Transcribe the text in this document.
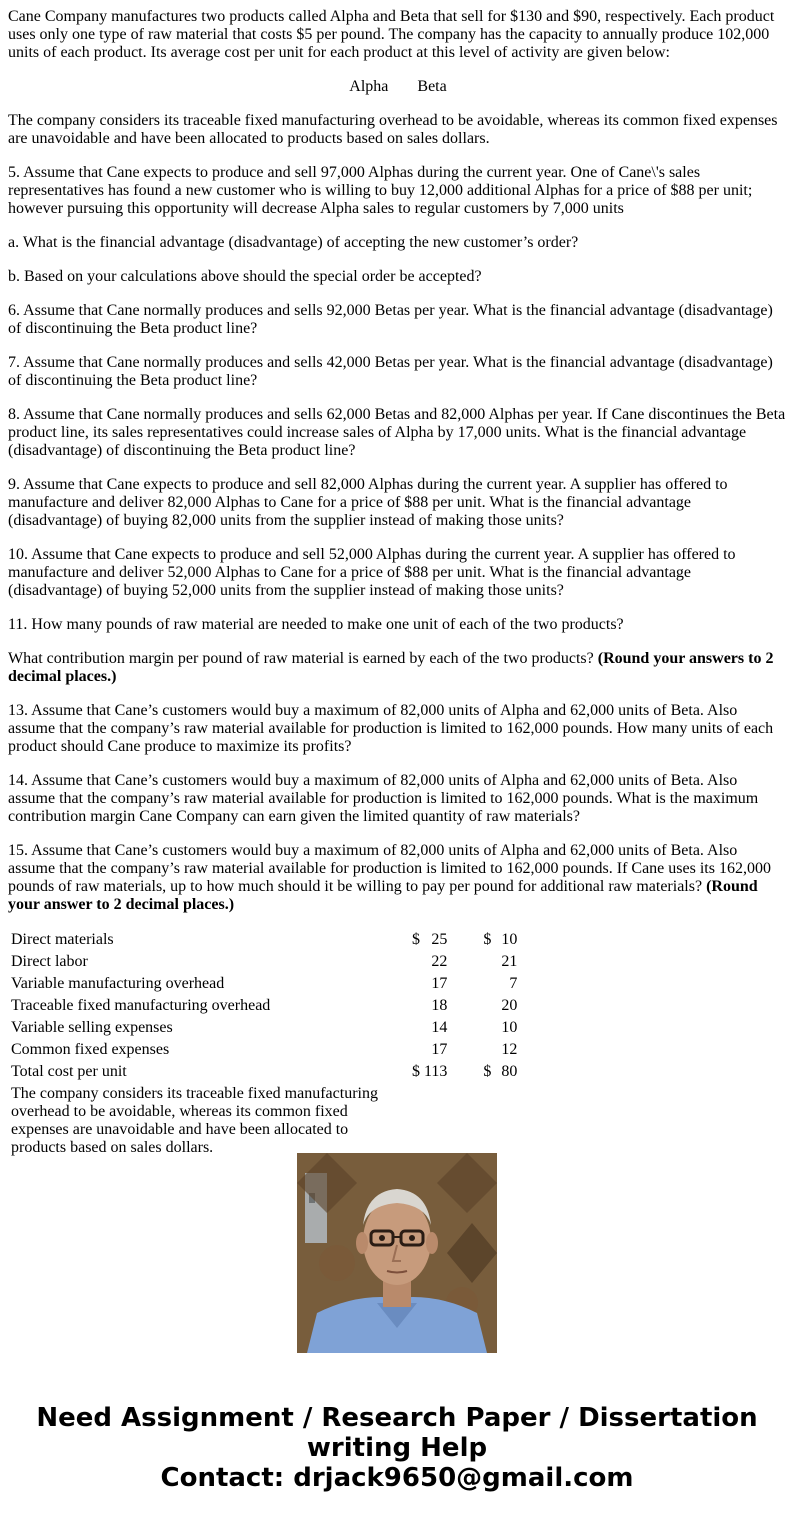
Cane Company manufactures two products called Alpha and Beta that sell for $130 and $90, respectively. Each product uses only one type of raw material that costs $5 per pound. The company has the capacity to annually produce 102,000 units of each product. Its average cost per unit for each product at this level of activity are given below:

Alpha Beta

The company considers its traceable fixed manufacturing overhead to be avoidable, whereas its common fixed expenses are unavoidable and have been allocated to products based on sales dollars.

5. Assume that Cane expects to produce and sell 97,000 Alphas during the current year. One of Cane\'s sales representatives has found a new customer who is willing to buy 12,000 additional Alphas for a price of $88 per unit; however pursuing this opportunity will decrease Alpha sales to regular customers by 7,000 units

a. What is the financial advantage (disadvantage) of accepting the new customer’s order?

b. Based on your calculations above should the special order be accepted?

6. Assume that Cane normally produces and sells 92,000 Betas per year. What is the financial advantage (disadvantage) of discontinuing the Beta product line?

7. Assume that Cane normally produces and sells 42,000 Betas per year. What is the financial advantage (disadvantage) of discontinuing the Beta product line?

8. Assume that Cane normally produces and sells 62,000 Betas and 82,000 Alphas per year. If Cane discontinues the Beta product line, its sales representatives could increase sales of Alpha by 17,000 units. What is the financial advantage (disadvantage) of discontinuing the Beta product line?

9. Assume that Cane expects to produce and sell 82,000 Alphas during the current year. A supplier has offered to manufacture and deliver 82,000 Alphas to Cane for a price of $88 per unit. What is the financial advantage (disadvantage) of buying 82,000 units from the supplier instead of making those units?

10. Assume that Cane expects to produce and sell 52,000 Alphas during the current year. A supplier has offered to manufacture and deliver 52,000 Alphas to Cane for a price of $88 per unit. What is the financial advantage (disadvantage) of buying 52,000 units from the supplier instead of making those units?

11. How many pounds of raw material are needed to make one unit of each of the two products?

What contribution margin per pound of raw material is earned by each of the two products? (Round your answers to 2 decimal places.)

13. Assume that Cane’s customers would buy a maximum of 82,000 units of Alpha and 62,000 units of Beta. Also assume that the company’s raw material available for production is limited to 162,000 pounds. How many units of each product should Cane produce to maximize its profits?

14. Assume that Cane’s customers would buy a maximum of 82,000 units of Alpha and 62,000 units of Beta. Also assume that the company’s raw material available for production is limited to 162,000 pounds. What is the maximum contribution margin Cane Company can earn given the limited quantity of raw materials?

15. Assume that Cane’s customers would buy a maximum of 82,000 units of Alpha and 62,000 units of Beta. Also assume that the company’s raw material available for production is limited to 162,000 pounds. If Cane uses its 162,000 pounds of raw materials, up to how much should it be willing to pay per pound for additional raw materials? (Round your answer to 2 decimal places.)

Direct materials	$	25		$	10
Direct labor		22			21
Variable manufacturing overhead		17			7
Traceable fixed manufacturing overhead		18			20
Variable selling expenses		14			10
Common fixed expenses		17			12
Total cost per unit	$	113		$	80

The company considers its traceable fixed manufacturing overhead to be avoidable, whereas its common fixed expenses are unavoidable and have been allocated to products based on sales dollars.					
Need Assignment / Research Paper / Dissertation
writing Help
Contact: drjack9650@gmail.com
